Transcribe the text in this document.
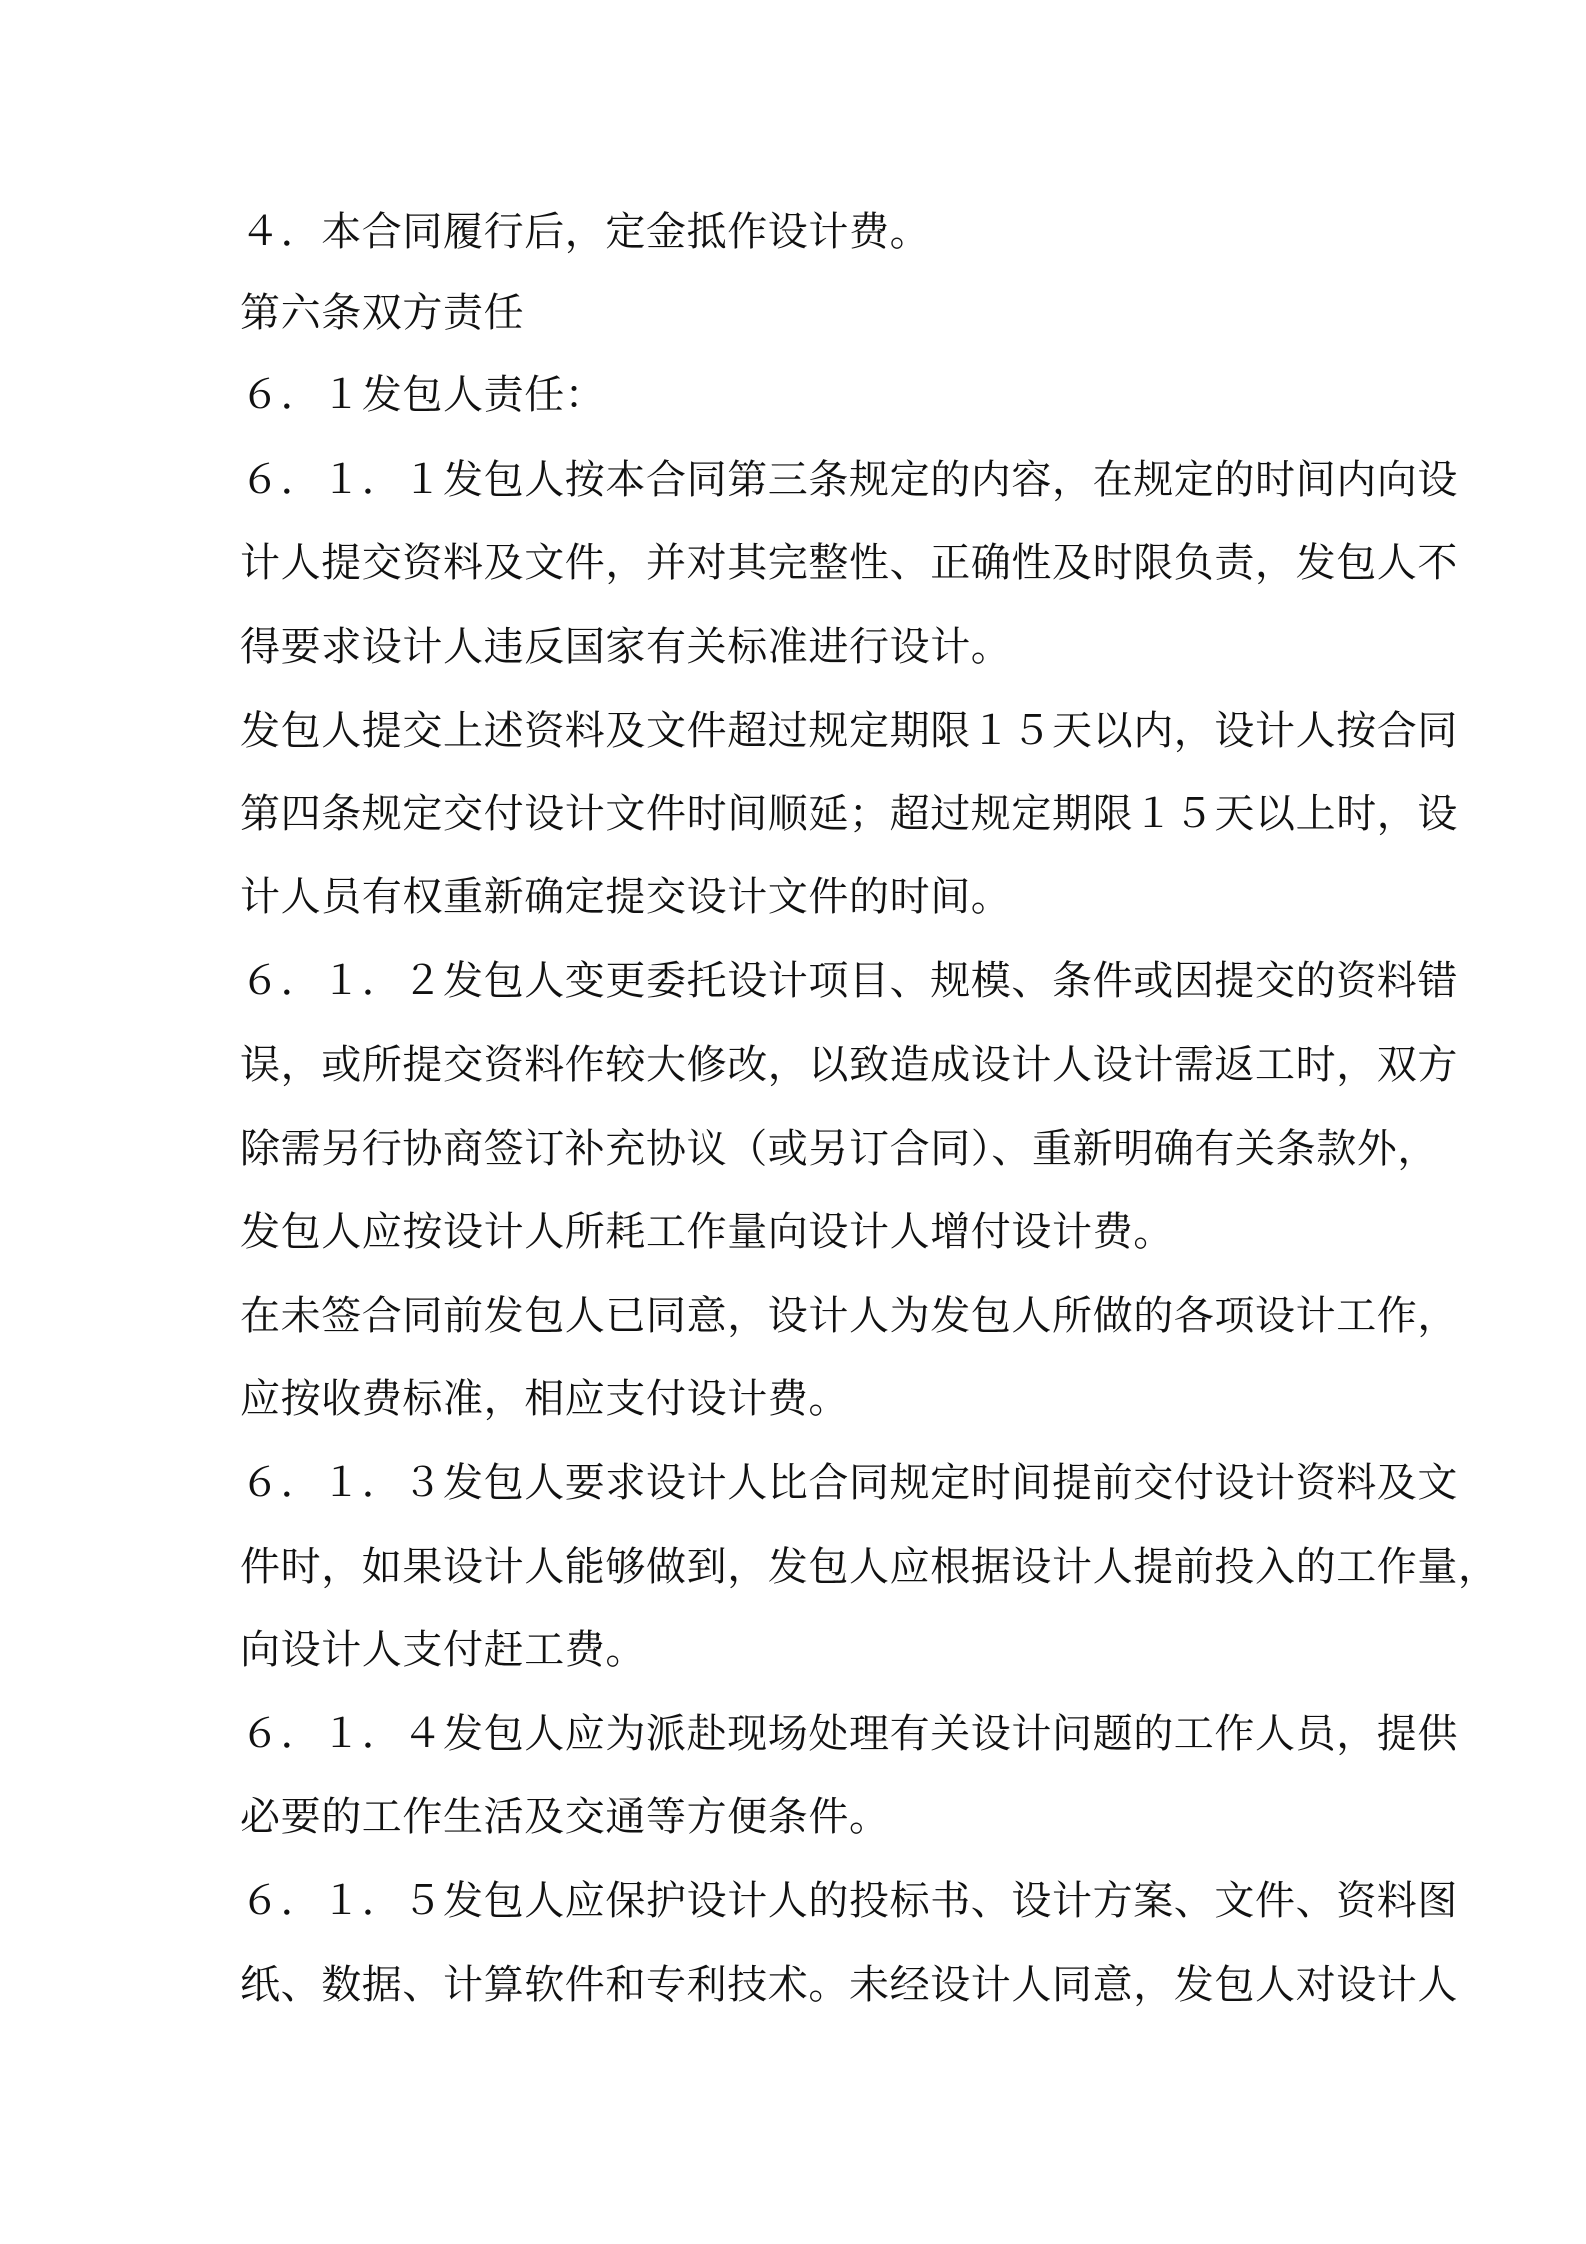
４．本合同履行后，定金抵作设计费。
第六条双方责任
６．１发包人责任：
６．１．１发包人按本合同第三条规定的内容，在规定的时间内向设
计人提交资料及文件，并对其完整性、正确性及时限负责，发包人不
得要求设计人违反国家有关标准进行设计。
发包人提交上述资料及文件超过规定期限１５天以内，设计人按合同
第四条规定交付设计文件时间顺延；超过规定期限１５天以上时，设
计人员有权重新确定提交设计文件的时间。
６．１．２发包人变更委托设计项目、规模、条件或因提交的资料错
误，或所提交资料作较大修改，以致造成设计人设计需返工时，双方
除需另行协商签订补充协议（或另订合同）、重新明确有关条款外，
发包人应按设计人所耗工作量向设计人增付设计费。
在未签合同前发包人已同意，设计人为发包人所做的各项设计工作，
应按收费标准，相应支付设计费。
６．１．３发包人要求设计人比合同规定时间提前交付设计资料及文
件时，如果设计人能够做到，发包人应根据设计人提前投入的工作量，
向设计人支付赶工费。
６．１．４发包人应为派赴现场处理有关设计问题的工作人员，提供
必要的工作生活及交通等方便条件。
６．１．５发包人应保护设计人的投标书、设计方案、文件、资料图
纸、数据、计算软件和专利技术。未经设计人同意，发包人对设计人
